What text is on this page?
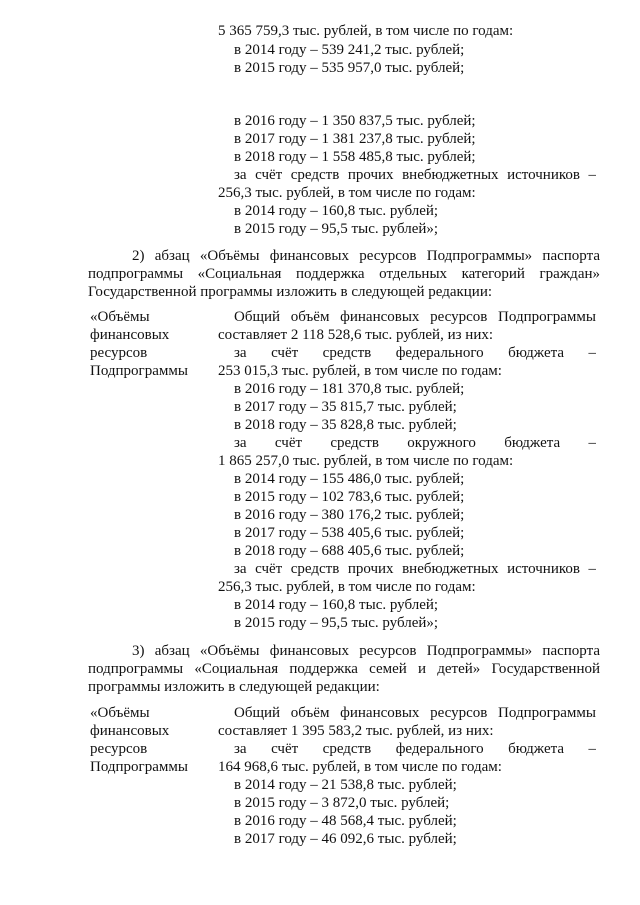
5 365 759,3 тыс. рублей, в том числе по годам:
в 2014 году – 539 241,2 тыс. рублей;
в 2015 году – 535 957,0 тыс. рублей;
в 2016 году – 1 350 837,5 тыс. рублей;
в 2017 году – 1 381 237,8 тыс. рублей;
в 2018 году – 1 558 485,8 тыс. рублей;
за счёт средств прочих внебюджетных источников –
256,3 тыс. рублей, в том числе по годам:
в 2014 году – 160,8 тыс. рублей;
в 2015 году – 95,5 тыс. рублей»;
2) абзац «Объёмы финансовых ресурсов Подпрограммы» паспорта
подпрограммы «Социальная поддержка отдельных категорий граждан»
Государственной программы изложить в следующей редакции:
«Объёмы
финансовых
ресурсов
Подпрограммы
Общий объём финансовых ресурсов Подпрограммы
составляет 2 118 528,6 тыс. рублей, из них:
за счёт средств федерального бюджета –
253 015,3 тыс. рублей, в том числе по годам:
в 2016 году – 181 370,8 тыс. рублей;
в 2017 году – 35 815,7 тыс. рублей;
в 2018 году – 35 828,8 тыс. рублей;
за счёт средств окружного бюджета –
1 865 257,0 тыс. рублей, в том числе по годам:
в 2014 году – 155 486,0 тыс. рублей;
в 2015 году – 102 783,6 тыс. рублей;
в 2016 году – 380 176,2 тыс. рублей;
в 2017 году – 538 405,6 тыс. рублей;
в 2018 году – 688 405,6 тыс. рублей;
за счёт средств прочих внебюджетных источников –
256,3 тыс. рублей, в том числе по годам:
в 2014 году – 160,8 тыс. рублей;
в 2015 году – 95,5 тыс. рублей»;
3) абзац «Объёмы финансовых ресурсов Подпрограммы» паспорта
подпрограммы «Социальная поддержка семей и детей» Государственной
программы изложить в следующей редакции:
«Объёмы
финансовых
ресурсов
Подпрограммы
Общий объём финансовых ресурсов Подпрограммы
составляет 1 395 583,2 тыс. рублей, из них:
за счёт средств федерального бюджета –
164 968,6 тыс. рублей, в том числе по годам:
в 2014 году – 21 538,8 тыс. рублей;
в 2015 году – 3 872,0 тыс. рублей;
в 2016 году – 48 568,4 тыс. рублей;
в 2017 году – 46 092,6 тыс. рублей;
